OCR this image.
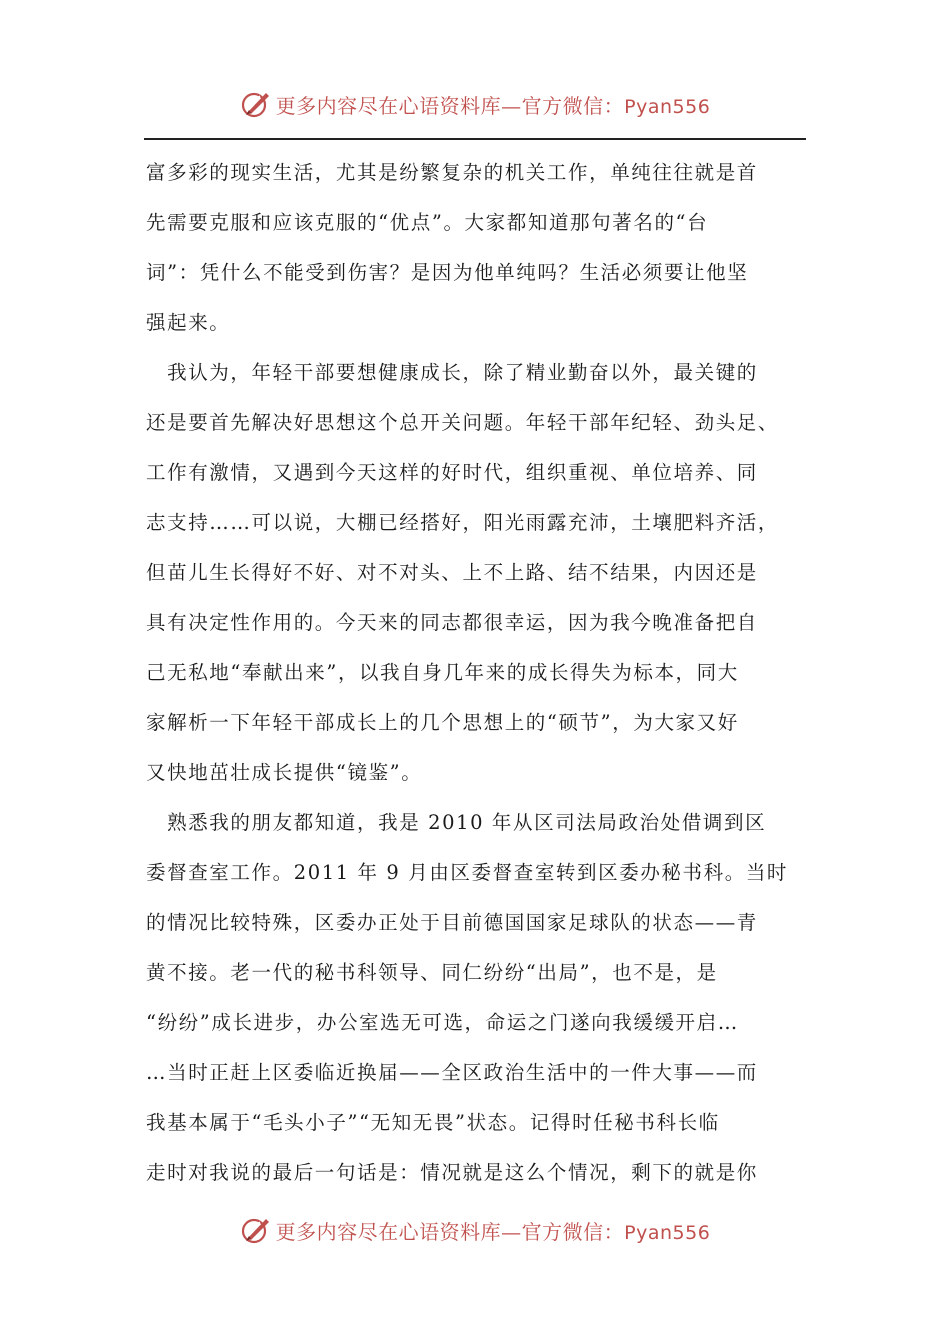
更多内容尽在心语资料库—官方微信：Pyan556
富多彩的现实生活，尤其是纷繁复杂的机关工作，单纯往往就是首
先需要克服和应该克服的“优点”。大家都知道那句著名的“台
词”：凭什么不能受到伤害？是因为他单纯吗？生活必须要让他坚
强起来。
　我认为，年轻干部要想健康成长，除了精业勤奋以外，最关键的
还是要首先解决好思想这个总开关问题。年轻干部年纪轻、劲头足、
工作有激情，又遇到今天这样的好时代，组织重视、单位培养、同
志支持……可以说，大棚已经搭好，阳光雨露充沛，土壤肥料齐活，
但苗儿生长得好不好、对不对头、上不上路、结不结果，内因还是
具有决定性作用的。今天来的同志都很幸运，因为我今晚准备把自
己无私地“奉献出来”，以我自身几年来的成长得失为标本，同大
家解析一下年轻干部成长上的几个思想上的“硕节”，为大家又好
又快地茁壮成长提供“镜鉴”。
　熟悉我的朋友都知道，我是 2010 年从区司法局政治处借调到区
委督查室工作。2011 年 9 月由区委督查室转到区委办秘书科。当时
的情况比较特殊，区委办正处于目前德国国家足球队的状态——青
黄不接。老一代的秘书科领导、同仁纷纷“出局”，也不是，是
“纷纷”成长进步，办公室选无可选，命运之门遂向我缓缓开启…
…当时正赶上区委临近换届——全区政治生活中的一件大事——而
我基本属于“毛头小子”“无知无畏”状态。记得时任秘书科长临
走时对我说的最后一句话是：情况就是这么个情况，剩下的就是你
更多内容尽在心语资料库—官方微信：Pyan556
